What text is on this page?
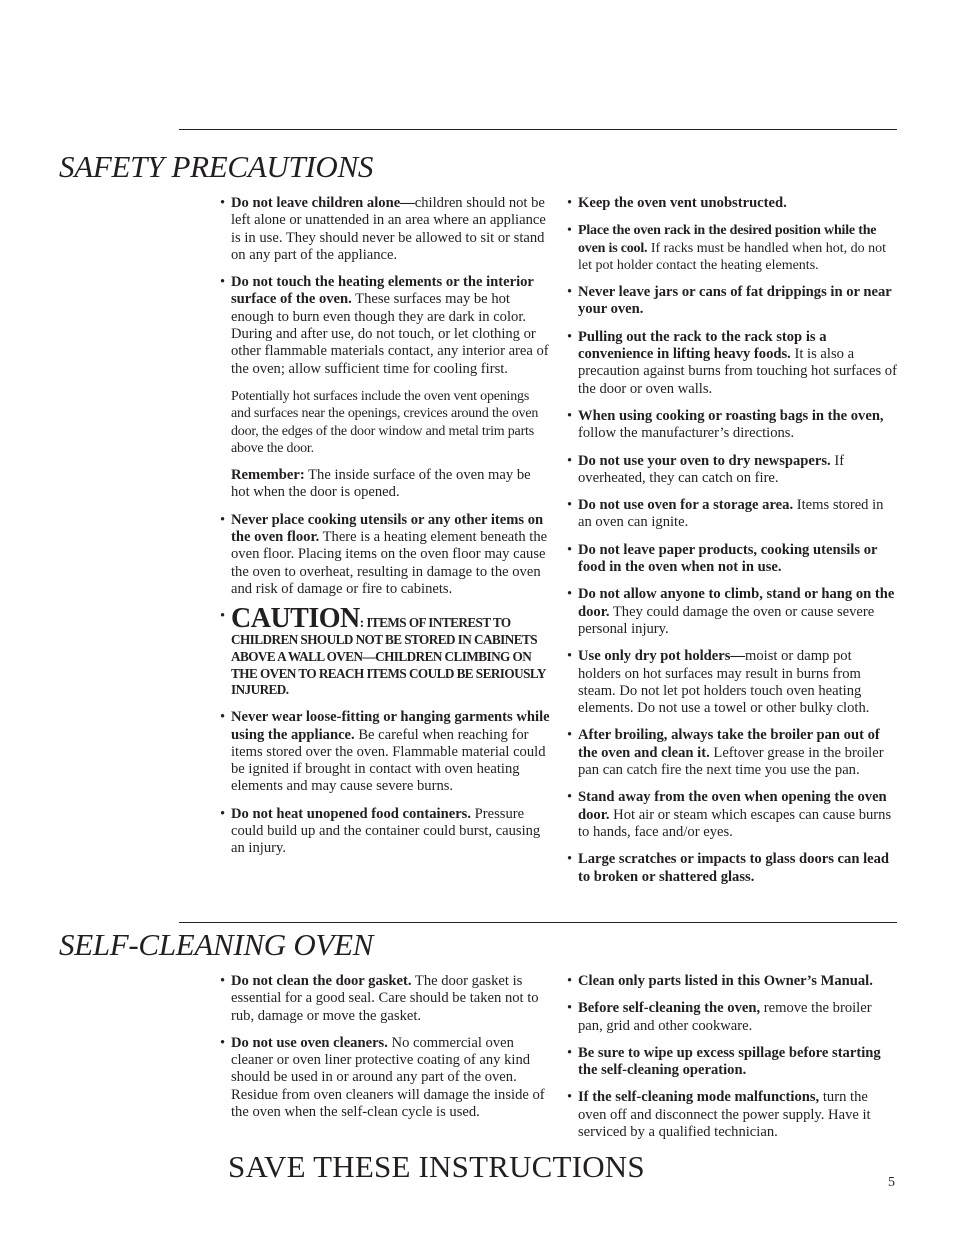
SAFETY PRECAUTIONS

• Do not leave children alone—children should not be left alone or unattended in an area where an appliance is in use. They should never be allowed to sit or stand on any part of the appliance.

• Do not touch the heating elements or the interior surface of the oven. These surfaces may be hot enough to burn even though they are dark in color. During and after use, do not touch, or let clothing or other flammable materials contact, any interior area of the oven; allow sufficient time for cooling first.

Potentially hot surfaces include the oven vent openings and surfaces near the openings, crevices around the oven door, the edges of the door window and metal trim parts above the door.

Remember: The inside surface of the oven may be hot when the door is opened.

• Never place cooking utensils or any other items on the oven floor. There is a heating element beneath the oven floor. Placing items on the oven floor may cause the oven to overheat, resulting in damage to the oven and risk of damage or fire to cabinets.

• CAUTION: ITEMS OF INTEREST TO CHILDREN SHOULD NOT BE STORED IN CABINETS ABOVE A WALL OVEN—CHILDREN CLIMBING ON THE OVEN TO REACH ITEMS COULD BE SERIOUSLY INJURED.

• Never wear loose-fitting or hanging garments while using the appliance. Be careful when reaching for items stored over the oven. Flammable material could be ignited if brought in contact with oven heating elements and may cause severe burns.

• Do not heat unopened food containers. Pressure could build up and the container could burst, causing an injury.

• Keep the oven vent unobstructed.

• Place the oven rack in the desired position while the oven is cool. If racks must be handled when hot, do not let pot holder contact the heating elements.

• Never leave jars or cans of fat drippings in or near your oven.

• Pulling out the rack to the rack stop is a convenience in lifting heavy foods. It is also a precaution against burns from touching hot surfaces of the door or oven walls.

• When using cooking or roasting bags in the oven, follow the manufacturer’s directions.

• Do not use your oven to dry newspapers. If overheated, they can catch on fire.

• Do not use oven for a storage area. Items stored in an oven can ignite.

• Do not leave paper products, cooking utensils or food in the oven when not in use.

• Do not allow anyone to climb, stand or hang on the door. They could damage the oven or cause severe personal injury.

• Use only dry pot holders—moist or damp pot holders on hot surfaces may result in burns from steam. Do not let pot holders touch oven heating elements. Do not use a towel or other bulky cloth.

• After broiling, always take the broiler pan out of the oven and clean it. Leftover grease in the broiler pan can catch fire the next time you use the pan.

• Stand away from the oven when opening the oven door. Hot air or steam which escapes can cause burns to hands, face and/or eyes.

• Large scratches or impacts to glass doors can lead to broken or shattered glass.

SELF-CLEANING OVEN

• Do not clean the door gasket. The door gasket is essential for a good seal. Care should be taken not to rub, damage or move the gasket.

• Do not use oven cleaners. No commercial oven cleaner or oven liner protective coating of any kind should be used in or around any part of the oven. Residue from oven cleaners will damage the inside of the oven when the self-clean cycle is used.

• Clean only parts listed in this Owner’s Manual.

• Before self-cleaning the oven, remove the broiler pan, grid and other cookware.

• Be sure to wipe up excess spillage before starting the self-cleaning operation.

• If the self-cleaning mode malfunctions, turn the oven off and disconnect the power supply. Have it serviced by a qualified technician.

SAVE THESE INSTRUCTIONS	5
